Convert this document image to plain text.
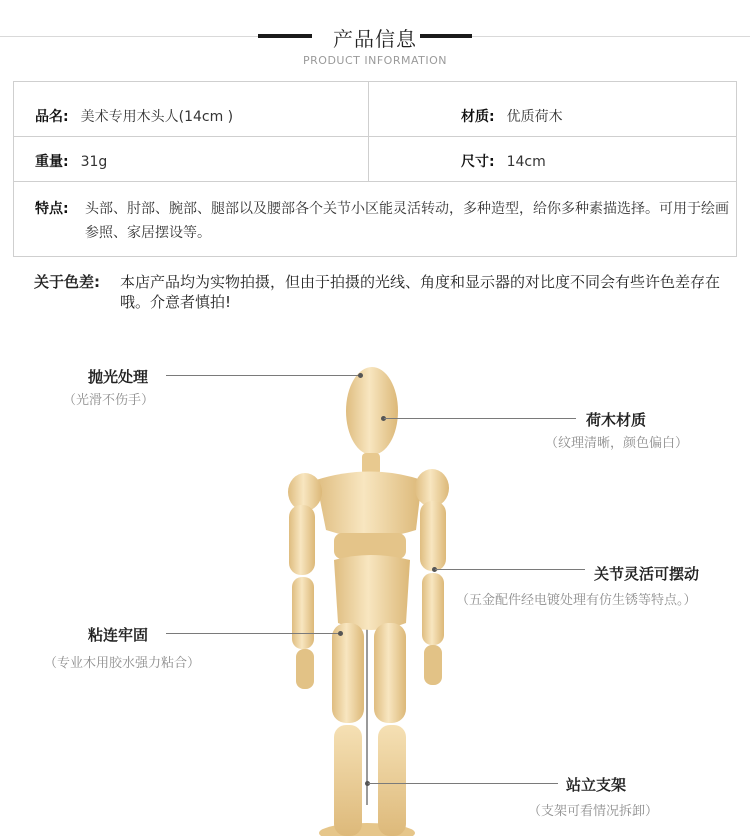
产品信息
PRODUCT INFORMATION
品名: 美术专用木头人(14cm )	材质: 优质荷木
重量: 31g	尺寸: 14cm
特点: 头部、肘部、腕部、腿部以及腰部各个关节小区能灵活转动，多种造型，给你多种素描选择。可用于绘画参照、家居摆设等。
关于色差: 本店产品均为实物拍摄，但由于拍摄的光线、角度和显示器的对比度不同会有些许色差存在哦。介意者慎拍!
抛光处理
（光滑不伤手）
荷木材质
（纹理清晰，颜色偏白）
关节灵活可摆动
（五金配件经电镀处理有仿生锈等特点。）
粘连牢固
（专业木用胶水强力粘合）
站立支架
（支架可看情况拆卸）
